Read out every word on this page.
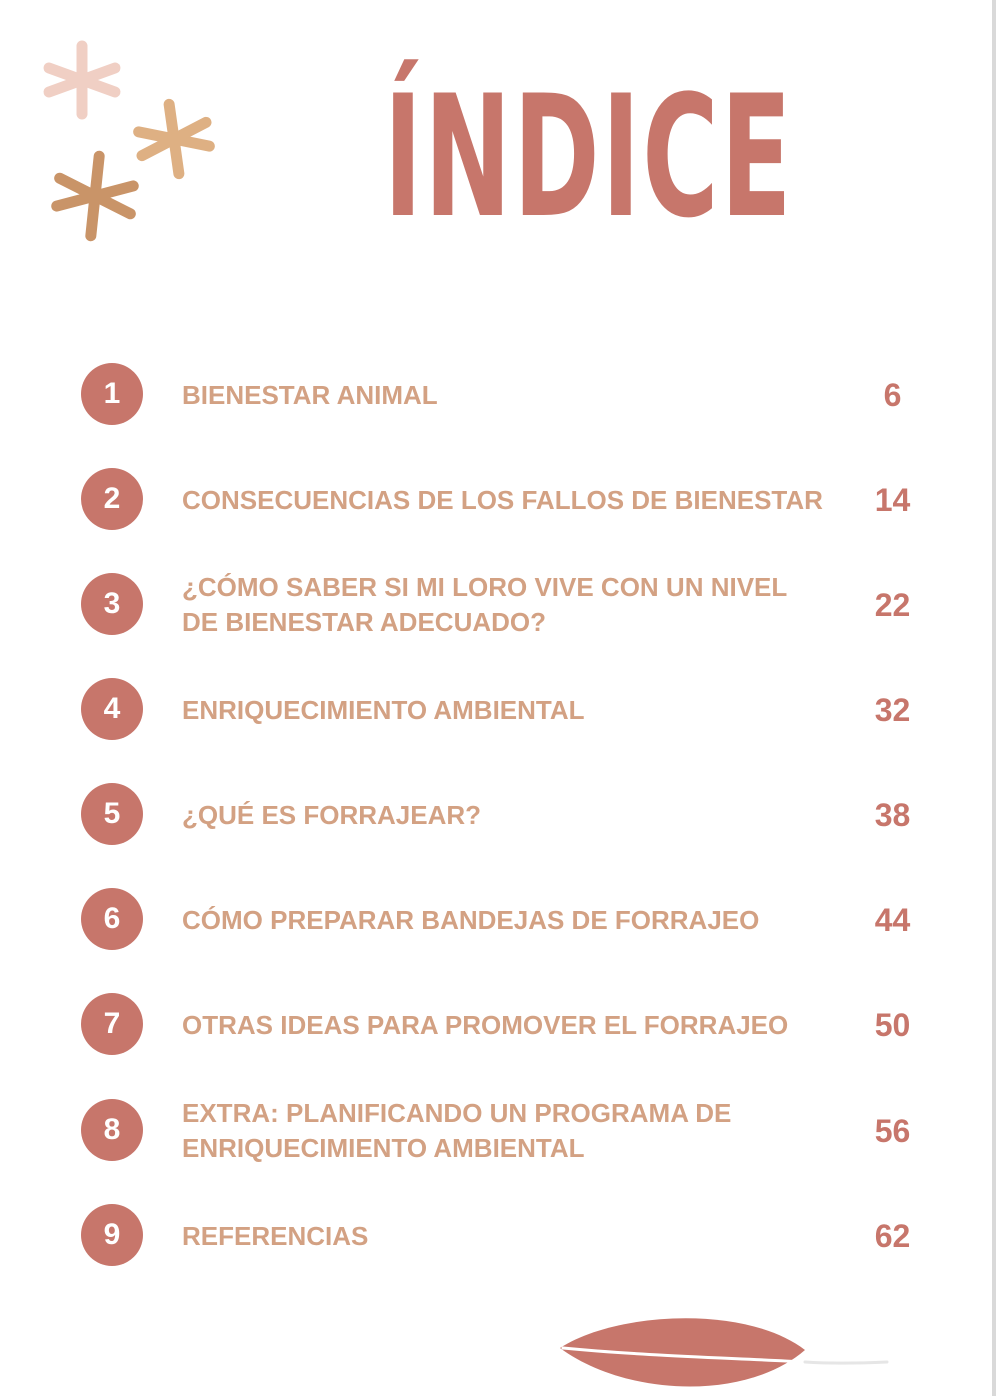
ÍNDICE
1	BIENESTAR ANIMAL	6
2	CONSECUENCIAS DE LOS FALLOS DE BIENESTAR	14
3	¿CÓMO SABER SI MI LORO VIVE CON UN NIVEL
DE BIENESTAR ADECUADO?	22
4	ENRIQUECIMIENTO AMBIENTAL	32
5	¿QUÉ ES FORRAJEAR?	38
6	CÓMO PREPARAR BANDEJAS DE FORRAJEO	44
7	OTRAS IDEAS PARA PROMOVER EL FORRAJEO	50
8	EXTRA: PLANIFICANDO UN PROGRAMA DE
ENRIQUECIMIENTO AMBIENTAL	56
9	REFERENCIAS	62
